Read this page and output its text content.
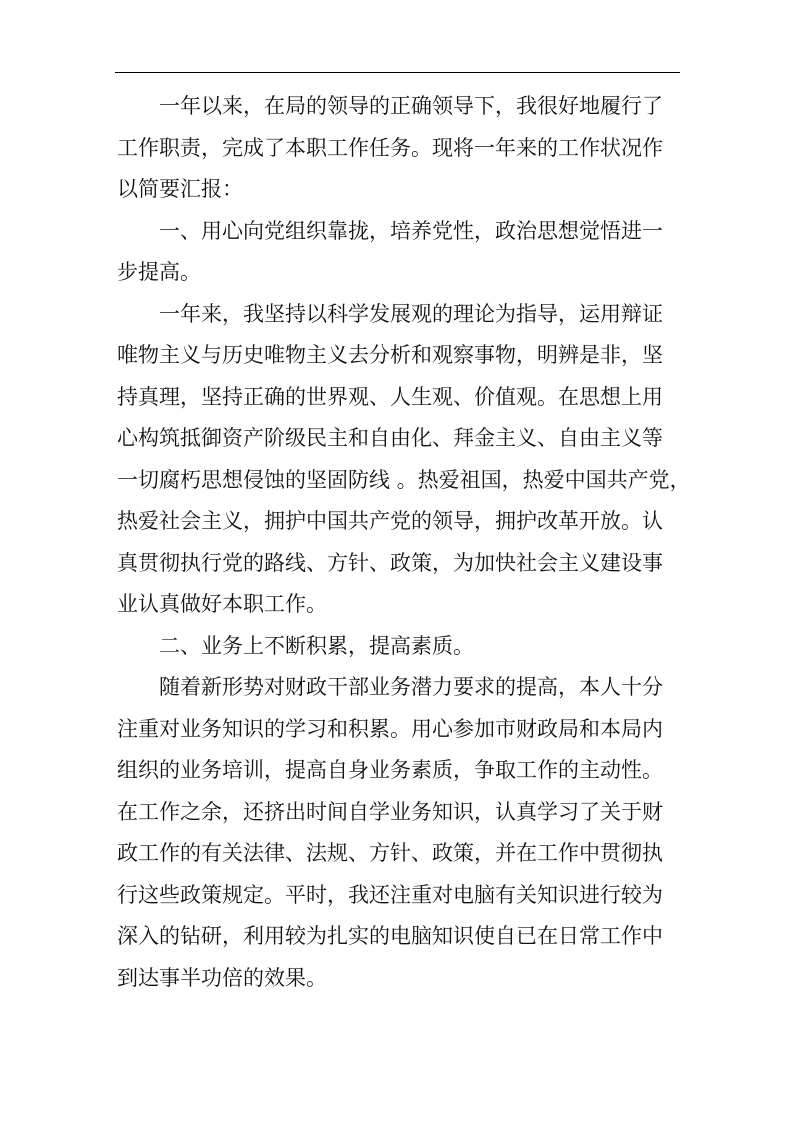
一年以来，在局的领导的正确领导下，我很好地履行了
工作职责，完成了本职工作任务。现将一年来的工作状况作
以简要汇报：
一、用心向党组织靠拢，培养党性，政治思想觉悟进一
步提高。
一年来，我坚持以科学发展观的理论为指导，运用辩证
唯物主义与历史唯物主义去分析和观察事物，明辨是非，坚
持真理，坚持正确的世界观、人生观、价值观。在思想上用
心构筑抵御资产阶级民主和自由化、拜金主义、自由主义等
一切腐朽思想侵蚀的坚固防线 。热爱祖国，热爱中国共产党，
热爱社会主义，拥护中国共产党的领导，拥护改革开放。认
真贯彻执行党的路线、方针、政策，为加快社会主义建设事
业认真做好本职工作。
二、业务上不断积累，提高素质。
随着新形势对财政干部业务潜力要求的提高，本人十分
注重对业务知识的学习和积累。用心参加市财政局和本局内
组织的业务培训，提高自身业务素质，争取工作的主动性。
在工作之余，还挤出时间自学业务知识，认真学习了关于财
政工作的有关法律、法规、方针、政策，并在工作中贯彻执
行这些政策规定。平时，我还注重对电脑有关知识进行较为
深入的钻研，利用较为扎实的电脑知识使自已在日常工作中
到达事半功倍的效果。
